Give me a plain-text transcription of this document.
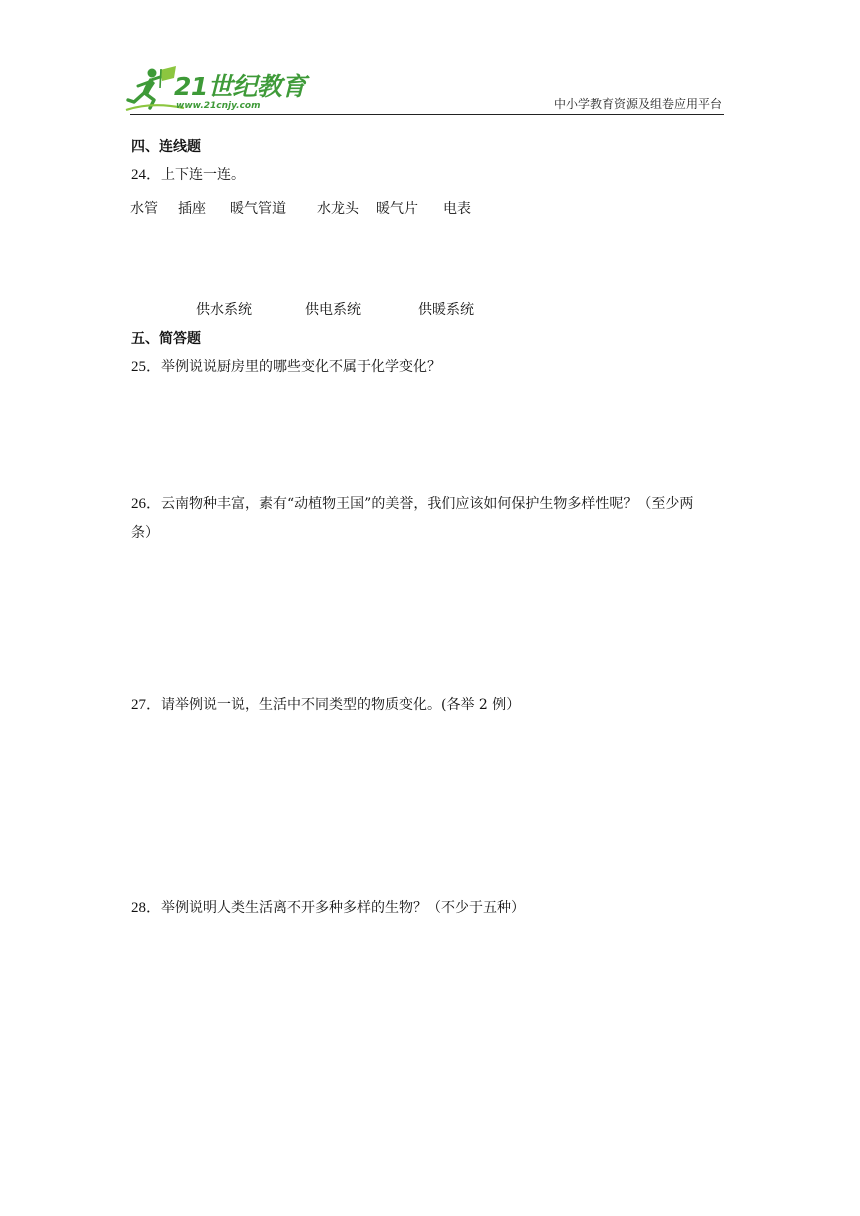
21世纪教育
www.21cnjy.com	中小学教育资源及组卷应用平台
四、连线题
24．上下连一连。
水管 插座 暖气管道 水龙头 暖气片 电表
供水系统	供电系统	供暖系统
五、简答题
25．举例说说厨房里的哪些变化不属于化学变化？
26．云南物种丰富，素有“动植物王国”的美誉，我们应该如何保护生物多样性呢？（至少两
条）
27．请举例说一说，生活中不同类型的物质变化。(各举 2 例）
28．举例说明人类生活离不开多种多样的生物？（不少于五种）
